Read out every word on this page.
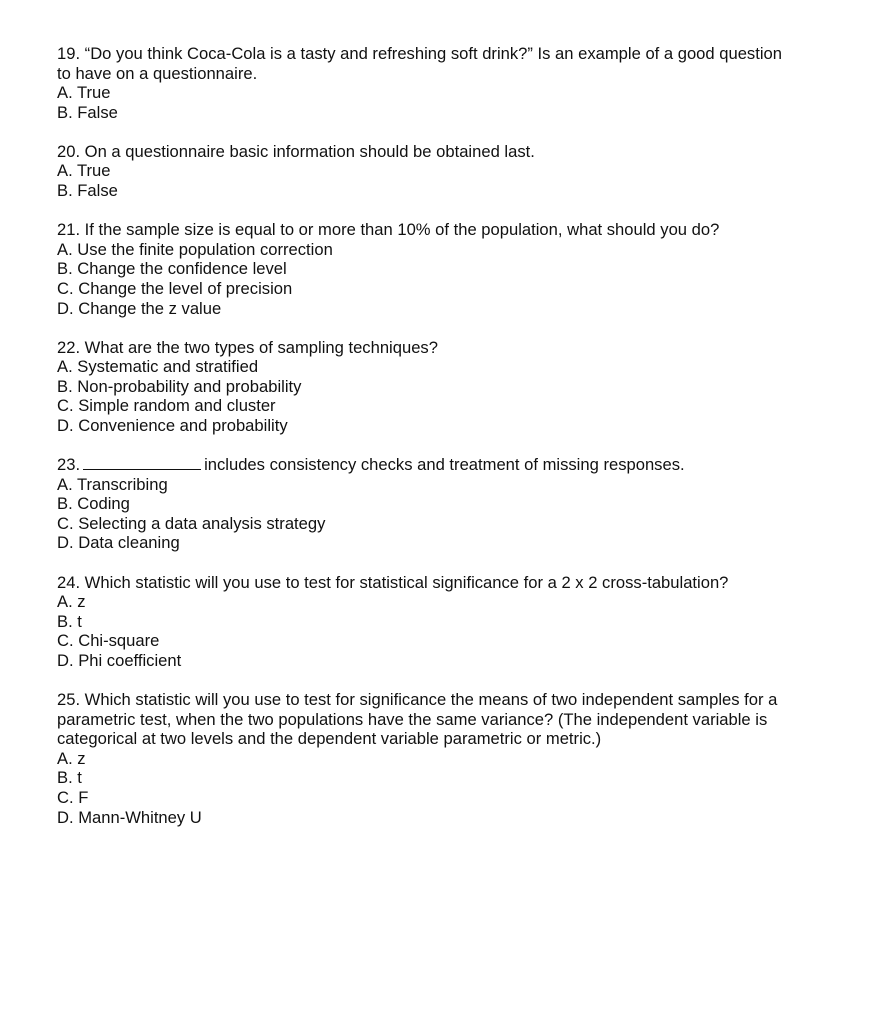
19. “Do you think Coca-Cola is a tasty and refreshing soft drink?” Is an example of a good question to have on a questionnaire.
A. True
B. False
20. On a questionnaire basic information should be obtained last.
A. True
B. False
21. If the sample size is equal to or more than 10% of the population, what should you do?
A. Use the finite population correction
B. Change the confidence level
C. Change the level of precision
D. Change the z value
22. What are the two types of sampling techniques?
A. Systematic and stratified
B. Non-probability and probability
C. Simple random and cluster
D. Convenience and probability
23.	includes consistency checks and treatment of missing responses.
A. Transcribing
B. Coding
C. Selecting a data analysis strategy
D. Data cleaning
24. Which statistic will you use to test for statistical significance for a 2 x 2 cross-tabulation?
A. z
B. t
C. Chi-square
D. Phi coefficient
25. Which statistic will you use to test for significance the means of two independent samples for a parametric test, when the two populations have the same variance? (The independent variable is categorical at two levels and the dependent variable parametric or metric.)
A. z
B. t
C. F
D. Mann-Whitney U
